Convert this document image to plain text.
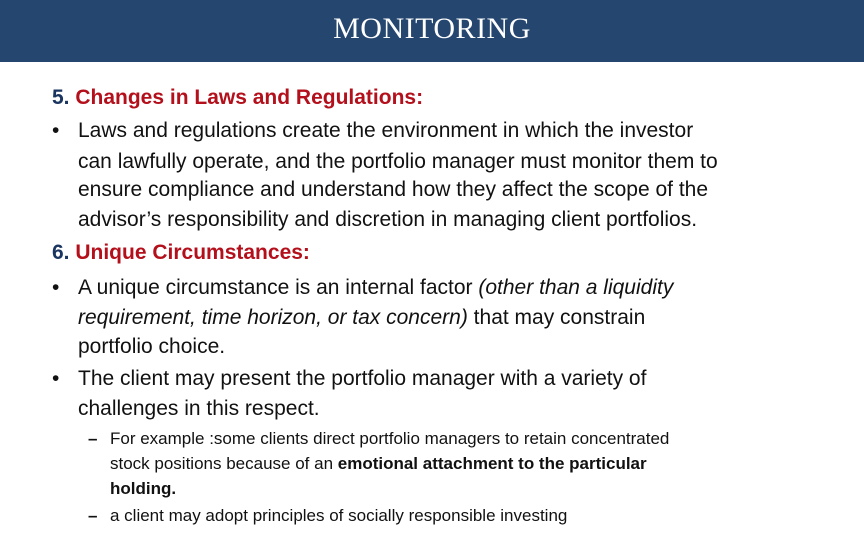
MONITORING
5. Changes in Laws and Regulations:
• Laws and regulations create the environment in which the investor
can lawfully operate, and the portfolio manager must monitor them to
ensure compliance and understand how they affect the scope of the
advisor’s responsibility and discretion in managing client portfolios.
6. Unique Circumstances:
• A unique circumstance is an internal factor (other than a liquidity
requirement, time horizon, or tax concern) that may constrain
portfolio choice.
• The client may present the portfolio manager with a variety of
challenges in this respect.
– For example :some clients direct portfolio managers to retain concentrated
stock positions because of an emotional attachment to the particular
holding.
– a client may adopt principles of socially responsible investing
